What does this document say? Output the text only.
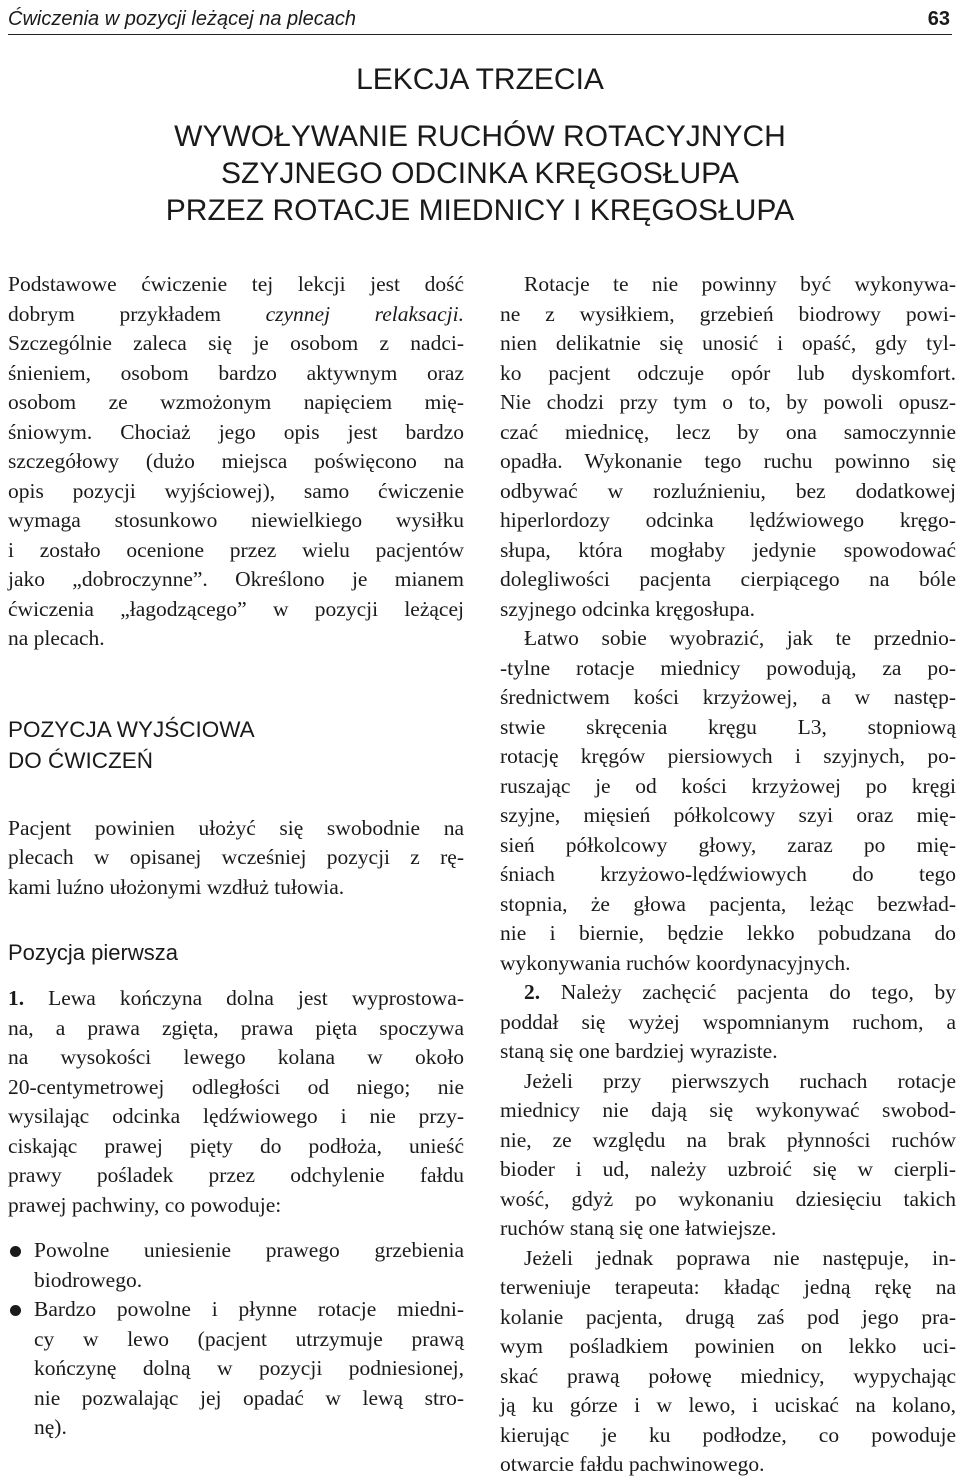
Ćwiczenia w pozycji leżącej na plecach	63
LEKCJA TRZECIA
WYWOŁYWANIE RUCHÓW ROTACYJNYCH
SZYJNEGO ODCINKA KRĘGOSŁUPA
PRZEZ ROTACJE MIEDNICY I KRĘGOSŁUPA
Podstawowe ćwiczenie tej lekcji jest dość
dobrym przykładem czynnej relaksacji.
Szczególnie zaleca się je osobom z nadci-
śnieniem, osobom bardzo aktywnym oraz
osobom ze wzmożonym napięciem mię-
śniowym. Chociaż jego opis jest bardzo
szczegółowy (dużo miejsca poświęcono na
opis pozycji wyjściowej), samo ćwiczenie
wymaga stosunkowo niewielkiego wysiłku
i zostało ocenione przez wielu pacjentów
jako „dobroczynne”. Określono je mianem
ćwiczenia „łagodzącego” w pozycji leżącej
na plecach.
POZYCJA WYJŚCIOWA
DO ĆWICZEŃ
Pacjent powinien ułożyć się swobodnie na
plecach w opisanej wcześniej pozycji z rę-
kami luźno ułożonymi wzdłuż tułowia.
Pozycja pierwsza
1. Lewa kończyna dolna jest wyprostowa-
na, a prawa zgięta, prawa pięta spoczywa
na wysokości lewego kolana w około
20-centymetrowej odległości od niego; nie
wysilając odcinka lędźwiowego i nie przy-
ciskając prawej pięty do podłoża, unieść
prawy pośladek przez odchylenie fałdu
prawej pachwiny, co powoduje:
Powolne uniesienie prawego grzebienia
biodrowego.
Bardzo powolne i płynne rotacje miedni-
cy w lewo (pacjent utrzymuje prawą
kończynę dolną w pozycji podniesionej,
nie pozwalając jej opadać w lewą stro-
nę).
Rotacje te nie powinny być wykonywa-
ne z wysiłkiem, grzebień biodrowy powi-
nien delikatnie się unosić i opaść, gdy tyl-
ko pacjent odczuje opór lub dyskomfort.
Nie chodzi przy tym o to, by powoli opusz-
czać miednicę, lecz by ona samoczynnie
opadła. Wykonanie tego ruchu powinno się
odbywać w rozluźnieniu, bez dodatkowej
hiperlordozy odcinka lędźwiowego kręgo-
słupa, która mogłaby jedynie spowodować
dolegliwości pacjenta cierpiącego na bóle
szyjnego odcinka kręgosłupa.
Łatwo sobie wyobrazić, jak te przednio-
-tylne rotacje miednicy powodują, za po-
średnictwem kości krzyżowej, a w następ-
stwie skręcenia kręgu L3, stopniową
rotację kręgów piersiowych i szyjnych, po-
ruszając je od kości krzyżowej po kręgi
szyjne, mięsień półkolcowy szyi oraz mię-
sień półkolcowy głowy, zaraz po mię-
śniach krzyżowo-lędźwiowych do tego
stopnia, że głowa pacjenta, leżąc bezwład-
nie i biernie, będzie lekko pobudzana do
wykonywania ruchów koordynacyjnych.
2. Należy zachęcić pacjenta do tego, by
poddał się wyżej wspomnianym ruchom, a
staną się one bardziej wyraziste.
Jeżeli przy pierwszych ruchach rotacje
miednicy nie dają się wykonywać swobod-
nie, ze względu na brak płynności ruchów
bioder i ud, należy uzbroić się w cierpli-
wość, gdyż po wykonaniu dziesięciu takich
ruchów staną się one łatwiejsze.
Jeżeli jednak poprawa nie następuje, in-
terweniuje terapeuta: kładąc jedną rękę na
kolanie pacjenta, drugą zaś pod jego pra-
wym pośladkiem powinien on lekko uci-
skać prawą połowę miednicy, wypychając
ją ku górze i w lewo, i uciskać na kolano,
kierując je ku podłodze, co powoduje
otwarcie fałdu pachwinowego.
